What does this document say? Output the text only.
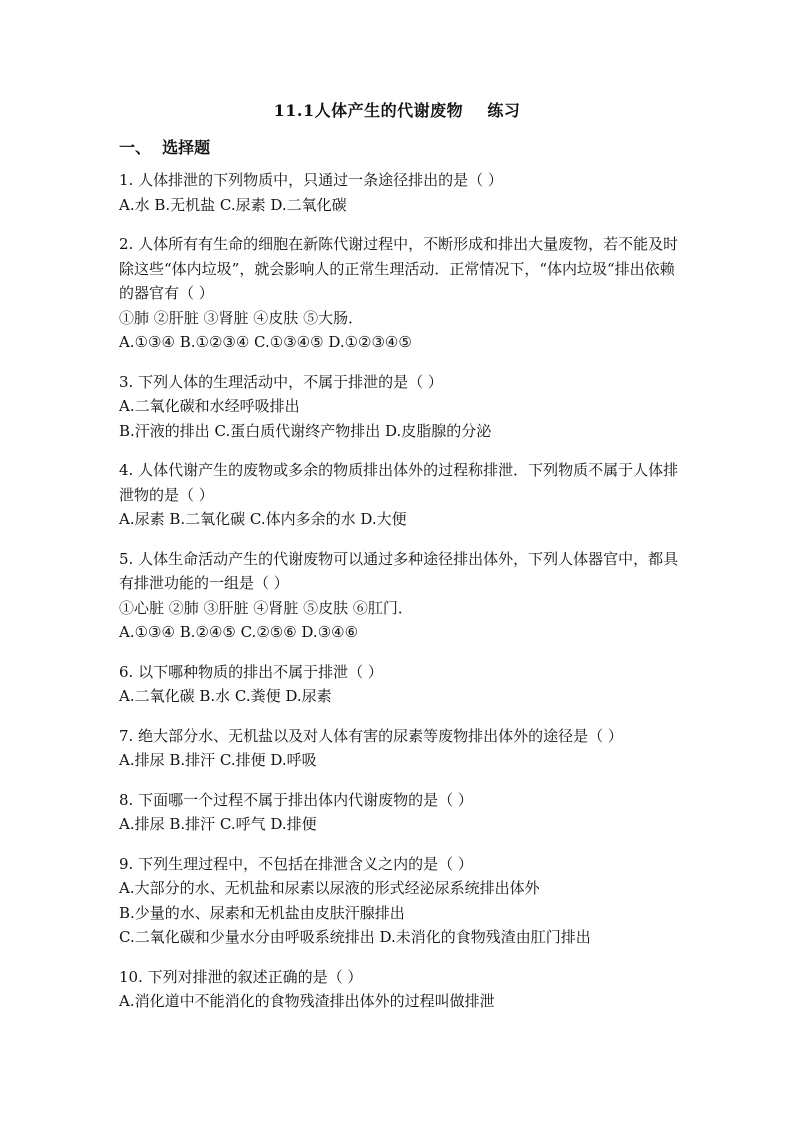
11.1人体产生的代谢废物    练习
一、  选择题
1. 人体排泄的下列物质中，只通过一条途径排出的是（ ）
A.水 B.无机盐 C.尿素 D.二氧化碳
2. 人体所有有生命的细胞在新陈代谢过程中，不断形成和排出大量废物，若不能及时除这些“体内垃圾”，就会影响人的正常生理活动．正常情况下，“体内垃圾“排出依赖的器官有（ ）
①肺 ②肝脏 ③肾脏 ④皮肤 ⑤大肠．
A.①③④ B.①②③④ C.①③④⑤ D.①②③④⑤
3. 下列人体的生理活动中，不属于排泄的是（ ）
A.二氧化碳和水经呼吸排出
B.汗液的排出 C.蛋白质代谢终产物排出 D.皮脂腺的分泌
4. 人体代谢产生的废物或多余的物质排出体外的过程称排泄．下列物质不属于人体排泄物的是（ ）
A.尿素 B.二氧化碳 C.体内多余的水 D.大便
5. 人体生命活动产生的代谢废物可以通过多种途径排出体外，下列人体器官中，都具有排泄功能的一组是（ ）
①心脏 ②肺 ③肝脏 ④肾脏 ⑤皮肤 ⑥肛门．
A.①③④ B.②④⑤ C.②⑤⑥ D.③④⑥
6. 以下哪种物质的排出不属于排泄（ ）
A.二氧化碳 B.水 C.粪便 D.尿素
7. 绝大部分水、无机盐以及对人体有害的尿素等废物排出体外的途径是（ ）
A.排尿 B.排汗 C.排便 D.呼吸
8. 下面哪一个过程不属于排出体内代谢废物的是（ ）
A.排尿 B.排汗 C.呼气 D.排便
9. 下列生理过程中，不包括在排泄含义之内的是（ ）
A.大部分的水、无机盐和尿素以尿液的形式经泌尿系统排出体外
B.少量的水、尿素和无机盐由皮肤汗腺排出
C.二氧化碳和少量水分由呼吸系统排出 D.未消化的食物残渣由肛门排出
10. 下列对排泄的叙述正确的是（ ）
A.消化道中不能消化的食物残渣排出体外的过程叫做排泄
